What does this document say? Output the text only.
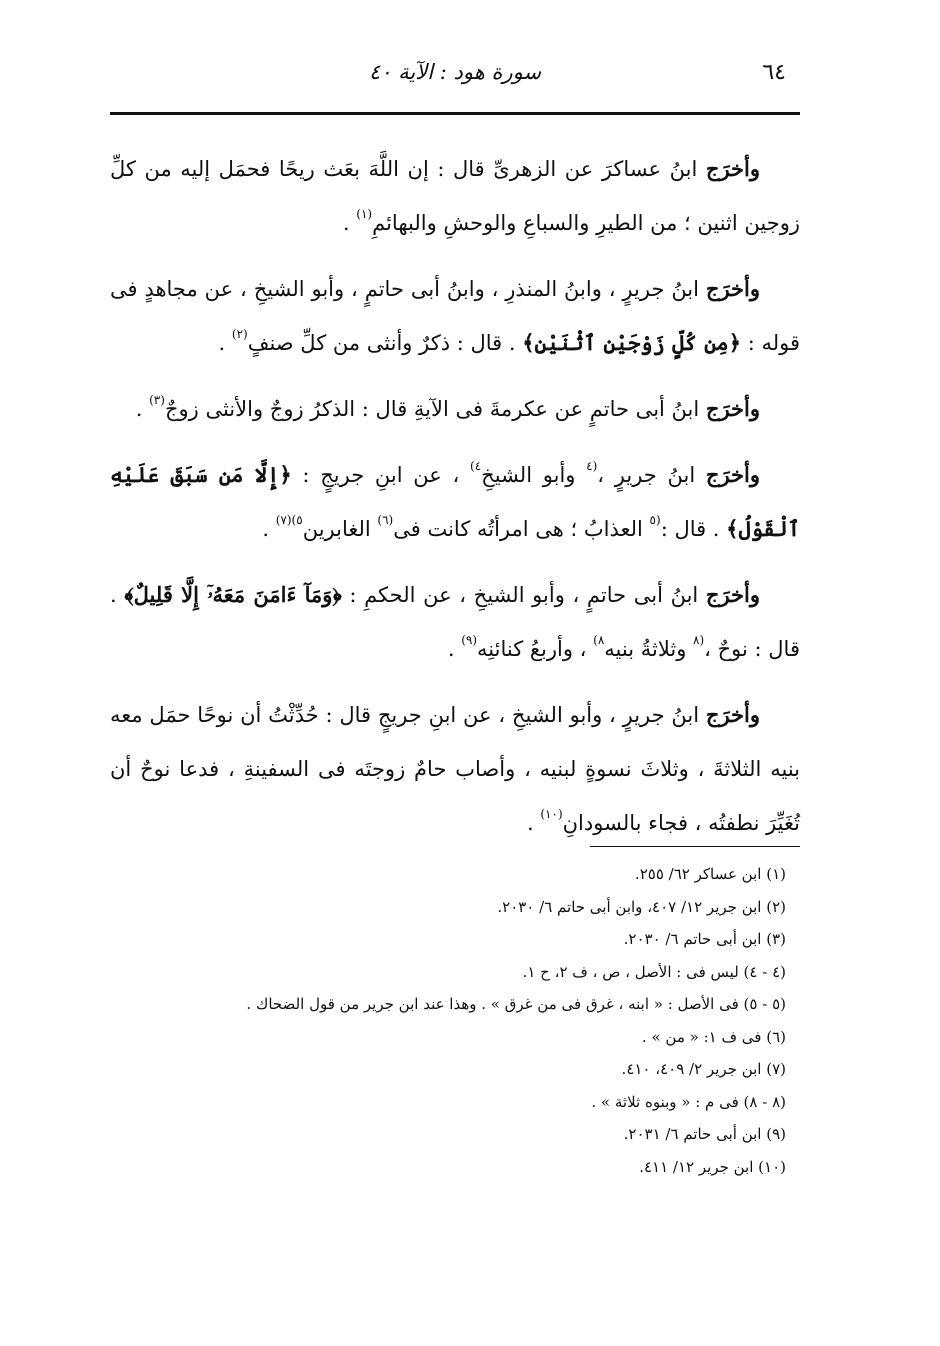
٦٤
سورة هود : الآية ٤٠

وأخرَج ابنُ عساكرَ عن الزهرىِّ قال : إن اللَّهَ بعَث ريحًا فحمَل إليه من كلِّ زوجين اثنين ؛ من الطيرِ والسباعِ والوحشِ والبهائمِ$^{(١)}$ .

وأخرَج ابنُ جريرٍ ، وابنُ المنذرِ ، وابنُ أبى حاتمٍ ، وأبو الشيخِ ، عن مجاهدٍ فى قوله : ﴿مِن كُلٍّ زَوْجَيْنِ ٱثْنَيْنِ﴾ . قال : ذكرٌ وأنثى من كلِّ صنفٍ$^{(٢)}$ .

وأخرَج ابنُ أبى حاتمٍ عن عكرمةَ فى الآيةِ قال : الذكرُ زوجٌ والأنثى زوجٌ$^{(٣)}$ .

وأخرَج ابنُ جريرٍ ،$^{(٤}$ وأبو الشيخِ$^{٤)}$ ، عن ابنِ جريجٍ : ﴿إِلَّا مَن سَبَقَ عَلَيْهِ ٱلْقَوْلُ﴾ . قال :$^{(٥}$ العذابُ ؛ هى امرأتُه كانت فى$^{(٦)}$ الغابرين$^{٥)(٧)}$ .

وأخرَج ابنُ أبى حاتمٍ ، وأبو الشيخِ ، عن الحكمِ : ﴿وَمَآ ءَامَنَ مَعَهُۥٓ إِلَّا قَلِيلٌ﴾ . قال : نوحٌ ،$^{(٨}$ وثلاثةُ بنيه$^{٨)}$ ، وأربعُ كنائنِه$^{(٩)}$ .

وأخرَج ابنُ جريرٍ ، وأبو الشيخِ ، عن ابنِ جريجٍ قال : حُدِّثْتُ أن نوحًا حمَل معه بنيه الثلاثةَ ، وثلاثَ نسوةٍ لبنيه ، وأصاب حامٌ زوجتَه فى السفينةِ ، فدعا نوحٌ أن تُغَيِّرَ نطفتُه ، فجاء بالسودانِ$^{(١٠)}$ .

(١) ابن عساكر ٦٢/ ٢٥٥.
(٢) ابن جرير ١٢/ ٤٠٧، وابن أبى حاتم ٦/ ٢٠٣٠.
(٣) ابن أبى حاتم ٦/ ٢٠٣٠.
(٤ - ٤) ليس فى : الأصل ، ص ، ف ٢، ح ١.
(٥ - ٥) فى الأصل : « ابنه ، غرق فى من غرق » . وهذا عند ابن جرير من قول الضحاك .
(٦) فى ف ١: « من » .
(٧) ابن جرير ٢/ ٤٠٩، ٤١٠.
(٨ - ٨) فى م : « وبنوه ثلاثة » .
(٩) ابن أبى حاتم ٦/ ٢٠٣١.
(١٠) ابن جرير ١٢/ ٤١١.
